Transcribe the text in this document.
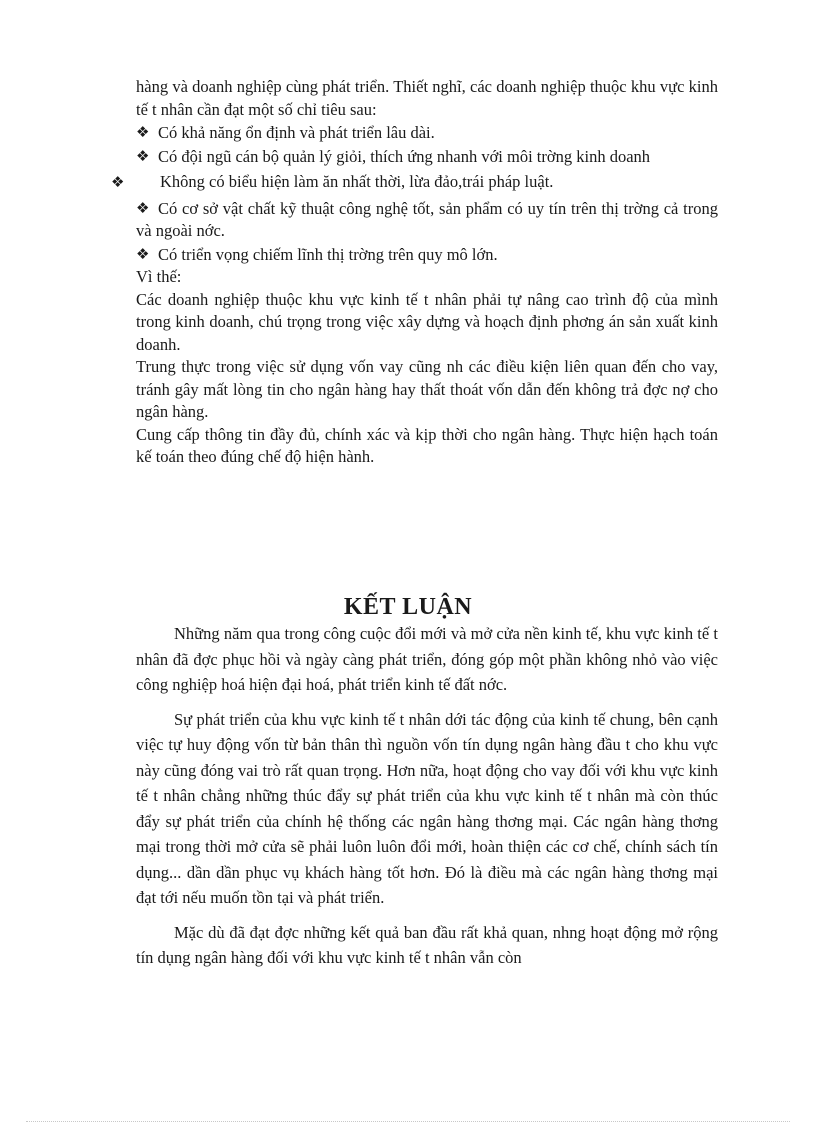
hàng và doanh nghiệp cùng phát triển. Thiết nghĩ, các doanh nghiệp thuộc khu vực kinh tế t nhân cần đạt một số chỉ tiêu sau:

❖ Có khả năng ổn định và phát triển lâu dài.

❖ Có đội ngũ cán bộ quản lý giỏi, thích ứng nhanh với môi trờng kinh doanh

❖	Không có biểu hiện làm ăn nhất thời, lừa đảo,trái pháp luật.

❖ Có cơ sở vật chất kỹ thuật công nghệ tốt, sản phẩm có uy tín trên thị trờng cả trong và ngoài nớc.

❖ Có triển vọng chiếm lĩnh thị trờng trên quy mô lớn.

Vì thế:

Các doanh nghiệp thuộc khu vực kinh tế t nhân phải tự nâng cao trình độ của mình trong kinh doanh, chú trọng trong việc xây dựng và hoạch định phơng án sản xuất kinh doanh.

Trung thực trong việc sử dụng vốn vay cũng nh các điều kiện liên quan đến cho vay, tránh gây mất lòng tin cho ngân hàng hay thất thoát vốn dẫn đến không trả đợc nợ cho ngân hàng.

Cung cấp thông tin đầy đủ, chính xác và kịp thời cho ngân hàng. Thực hiện hạch toán kế toán theo đúng chế độ hiện hành.

KẾT LUẬN

Những năm qua trong công cuộc đổi mới và mở cửa nền kinh tế, khu vực kinh tế t nhân đã đợc phục hồi và ngày càng phát triển, đóng góp một phần không nhỏ vào việc công nghiệp hoá hiện đại hoá, phát triển kinh tế đất nớc.

Sự phát triển của khu vực kinh tế t nhân dới tác động của kinh tế chung, bên cạnh việc tự huy động vốn từ bản thân thì nguồn vốn tín dụng ngân hàng đầu t cho khu vực này cũng đóng vai trò rất quan trọng. Hơn nữa, hoạt động cho vay đối với khu vực kinh tế t nhân chẳng những thúc đẩy sự phát triển của khu vực kinh tế t nhân mà còn thúc đẩy sự phát triển của chính hệ thống các ngân hàng thơng mại. Các ngân hàng thơng mại trong thời mở cửa sẽ phải luôn luôn đổi mới, hoàn thiện các cơ chế, chính sách tín dụng... dần dần phục vụ khách hàng tốt hơn. Đó là điều mà các ngân hàng thơng mại đạt tới nếu muốn tồn tại và phát triển.

Mặc dù đã đạt đợc những kết quả ban đầu rất khả quan, nhng hoạt động mở rộng tín dụng ngân hàng đối với khu vực kinh tế t nhân vẫn còn
